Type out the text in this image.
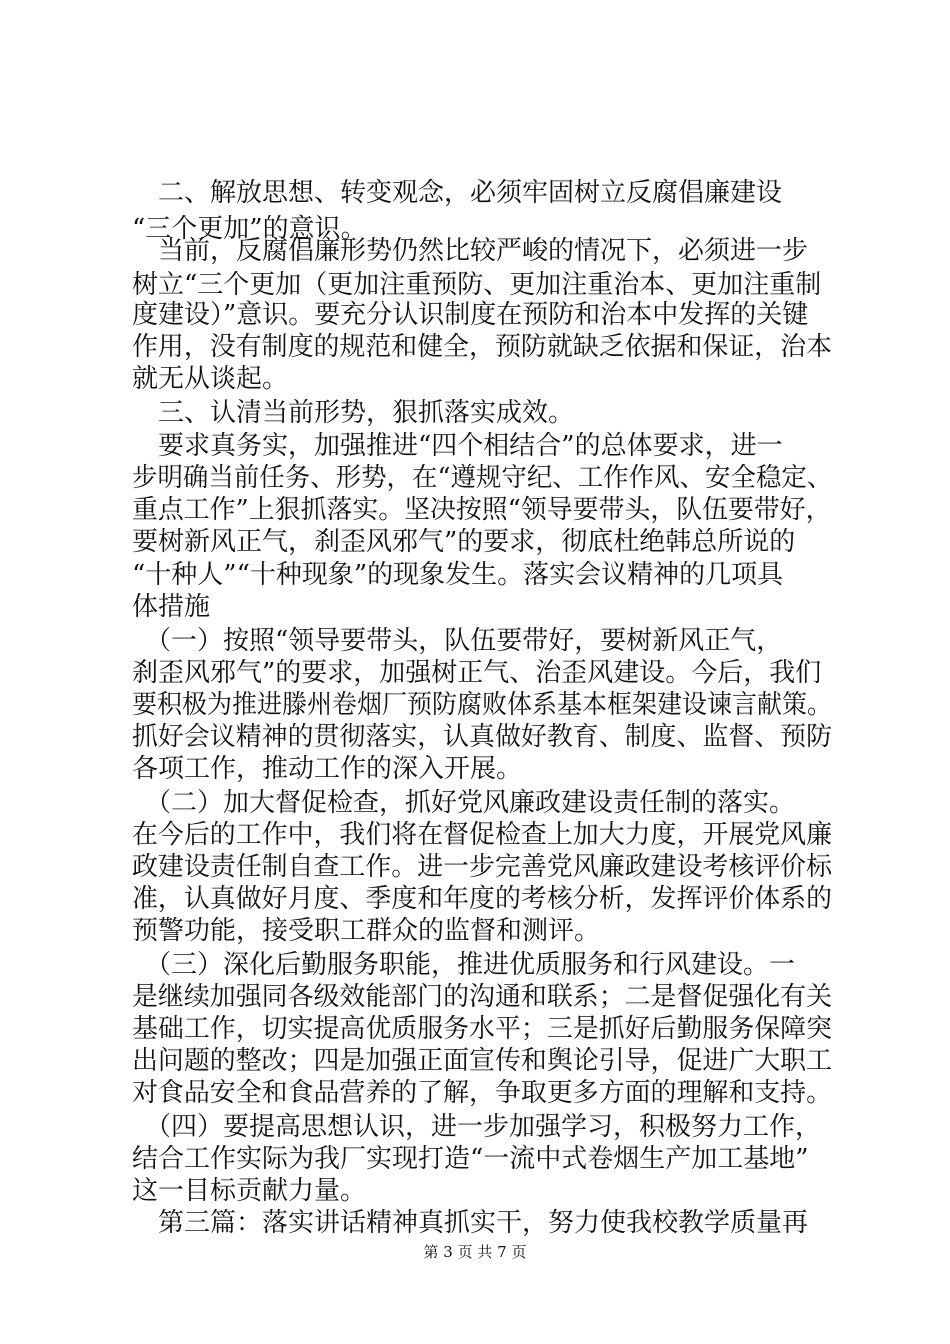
　二、解放思想、转变观念，必须牢固树立反腐倡廉建设
“三个更加”的意识。
　当前，反腐倡廉形势仍然比较严峻的情况下，必须进一步
树立“三个更加（更加注重预防、更加注重治本、更加注重制
度建设）”意识。要充分认识制度在预防和治本中发挥的关键
作用，没有制度的规范和健全，预防就缺乏依据和保证，治本
就无从谈起。
　三、认清当前形势，狠抓落实成效。
　要求真务实，加强推进“四个相结合”的总体要求，进一
步明确当前任务、形势，在“遵规守纪、工作作风、安全稳定、
重点工作”上狠抓落实。坚决按照“领导要带头，队伍要带好，
要树新风正气，刹歪风邪气”的要求，彻底杜绝韩总所说的
“十种人”“十种现象”的现象发生。落实会议精神的几项具
体措施
　（一）按照“领导要带头，队伍要带好，要树新风正气，
刹歪风邪气”的要求，加强树正气、治歪风建设。今后，我们
要积极为推进滕州卷烟厂预防腐败体系基本框架建设谏言献策。
抓好会议精神的贯彻落实，认真做好教育、制度、监督、预防
各项工作，推动工作的深入开展。
　（二）加大督促检查，抓好党风廉政建设责任制的落实。
在今后的工作中，我们将在督促检查上加大力度，开展党风廉
政建设责任制自查工作。进一步完善党风廉政建设考核评价标
准，认真做好月度、季度和年度的考核分析，发挥评价体系的
预警功能，接受职工群众的监督和测评。
　（三）深化后勤服务职能，推进优质服务和行风建设。一
是继续加强同各级效能部门的沟通和联系；二是督促强化有关
基础工作，切实提高优质服务水平；三是抓好后勤服务保障突
出问题的整改；四是加强正面宣传和舆论引导，促进广大职工
对食品安全和食品营养的了解，争取更多方面的理解和支持。
　（四）要提高思想认识，进一步加强学习，积极努力工作，
结合工作实际为我厂实现打造“一流中式卷烟生产加工基地”
这一目标贡献力量。
　第三篇：落实讲话精神真抓实干，努力使我校教学质量再
第 3 页 共 7 页
